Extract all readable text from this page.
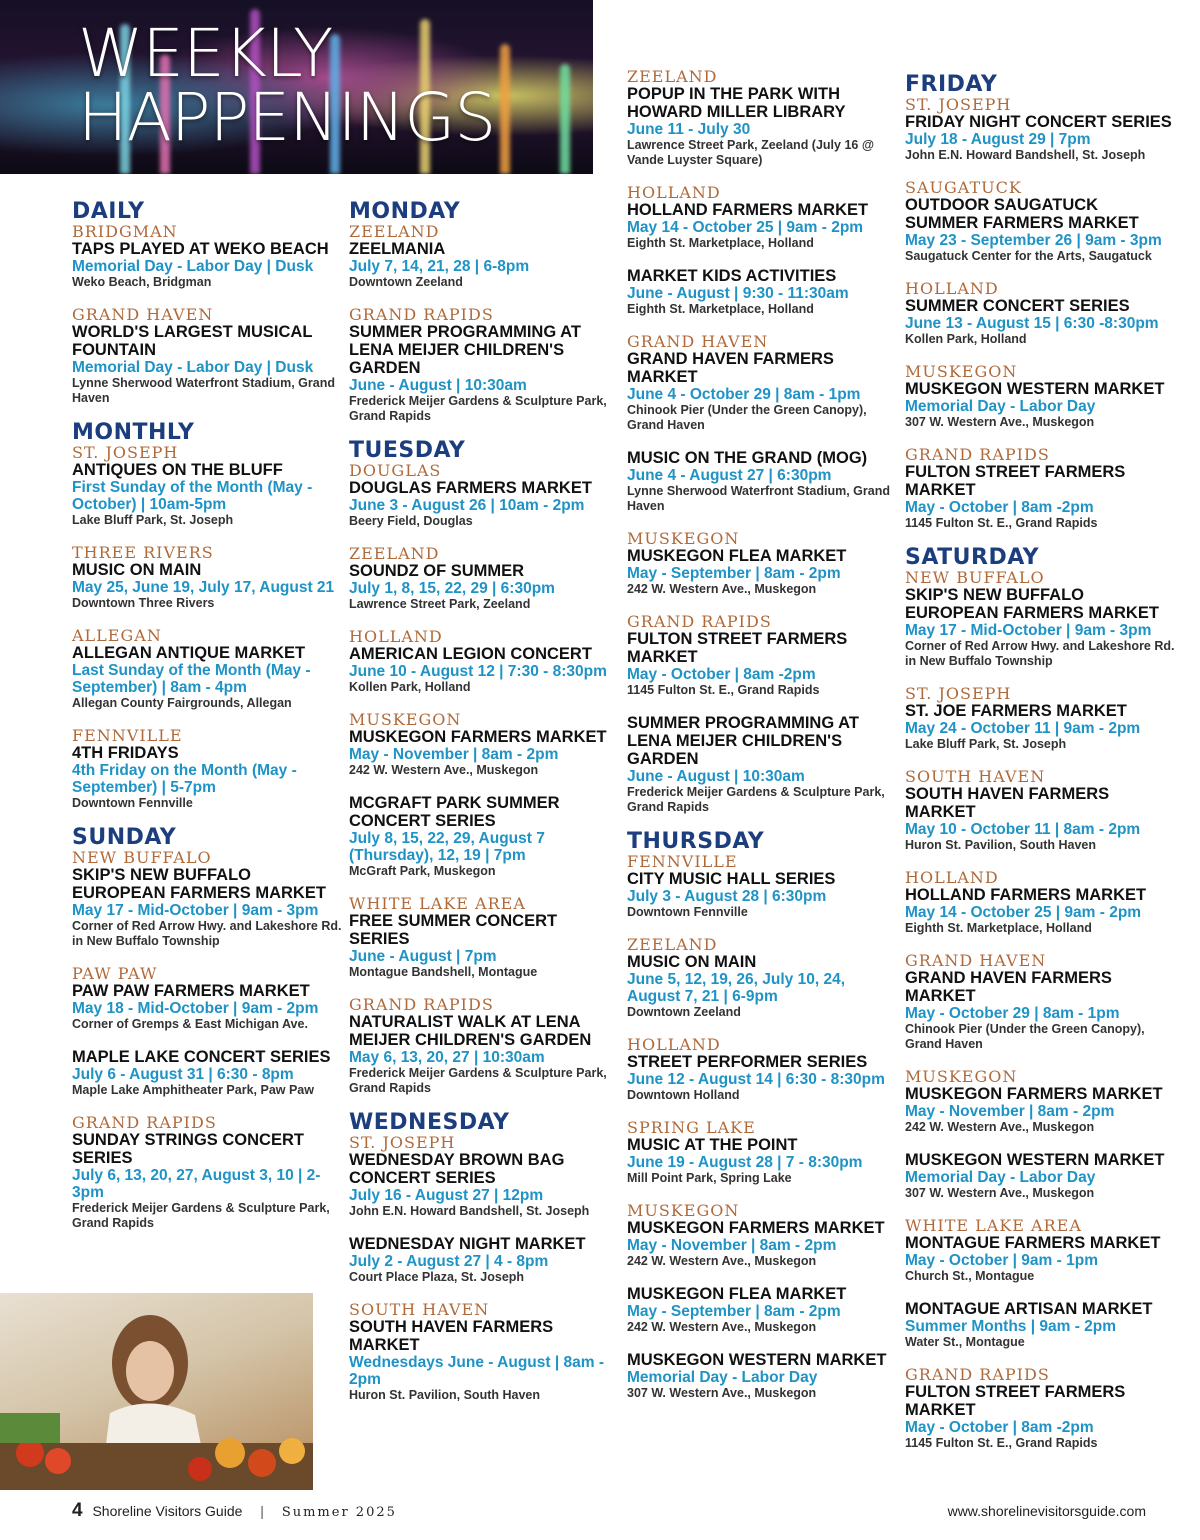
WEEKLY
HAPPENINGS
DAILY
BRIDGMAN
TAPS PLAYED AT WEKO BEACH
Memorial Day - Labor Day | Dusk
Weko Beach, Bridgman
GRAND HAVEN
WORLD'S LARGEST MUSICAL FOUNTAIN
Memorial Day - Labor Day | Dusk
Lynne Sherwood Waterfront Stadium, Grand Haven
MONTHLY
ST. JOSEPH
ANTIQUES ON THE BLUFF
First Sunday of the Month (May - October) | 10am-5pm
Lake Bluff Park, St. Joseph
THREE RIVERS
MUSIC ON MAIN
May 25, June 19, July 17, August 21
Downtown Three Rivers
ALLEGAN
ALLEGAN ANTIQUE MARKET
Last Sunday of the Month (May - September) | 8am - 4pm
Allegan County Fairgrounds, Allegan
FENNVILLE
4TH FRIDAYS
4th Friday on the Month (May - September) | 5-7pm
Downtown Fennville
SUNDAY
NEW BUFFALO
SKIP'S NEW BUFFALO EUROPEAN FARMERS MARKET
May 17 - Mid-October | 9am - 3pm
Corner of Red Arrow Hwy. and Lakeshore Rd. in New Buffalo Township
PAW PAW
PAW PAW FARMERS MARKET
May 18 - Mid-October | 9am - 2pm
Corner of Gremps & East Michigan Ave.
MAPLE LAKE CONCERT SERIES
July 6 - August 31 | 6:30 - 8pm
Maple Lake Amphitheater Park, Paw Paw
GRAND RAPIDS
SUNDAY STRINGS CONCERT SERIES
July 6, 13, 20, 27, August 3, 10 | 2-3pm
Frederick Meijer Gardens & Sculpture Park, Grand Rapids
MONDAY
ZEELAND
ZEELMANIA
July 7, 14, 21, 28 | 6-8pm
Downtown Zeeland
GRAND RAPIDS
SUMMER PROGRAMMING AT LENA MEIJER CHILDREN'S GARDEN
June - August | 10:30am
Frederick Meijer Gardens & Sculpture Park, Grand Rapids
TUESDAY
DOUGLAS
DOUGLAS FARMERS MARKET
June 3 - August 26 | 10am - 2pm
Beery Field, Douglas
ZEELAND
SOUNDZ OF SUMMER
July 1, 8, 15, 22, 29 | 6:30pm
Lawrence Street Park, Zeeland
HOLLAND
AMERICAN LEGION CONCERT
June 10 - August 12 | 7:30 - 8:30pm
Kollen Park, Holland
MUSKEGON
MUSKEGON FARMERS MARKET
May - November | 8am - 2pm
242 W. Western Ave., Muskegon
MCGRAFT PARK SUMMER CONCERT SERIES
July 8, 15, 22, 29, August 7 (Thursday), 12, 19 | 7pm
McGraft Park, Muskegon
WHITE LAKE AREA
FREE SUMMER CONCERT SERIES
June - August | 7pm
Montague Bandshell, Montague
GRAND RAPIDS
NATURALIST WALK AT LENA MEIJER CHILDREN'S GARDEN
May 6, 13, 20, 27 | 10:30am
Frederick Meijer Gardens & Sculpture Park, Grand Rapids
WEDNESDAY
ST. JOSEPH
WEDNESDAY BROWN BAG CONCERT SERIES
July 16 - August 27 | 12pm
John E.N. Howard Bandshell, St. Joseph
WEDNESDAY NIGHT MARKET
July 2 - August 27 | 4 - 8pm
Court Place Plaza, St. Joseph
SOUTH HAVEN
SOUTH HAVEN FARMERS MARKET
Wednesdays June - August | 8am - 2pm
Huron St. Pavilion, South Haven
ZEELAND
POPUP IN THE PARK WITH HOWARD MILLER LIBRARY
June 11 - July 30
Lawrence Street Park, Zeeland (July 16 @ Vande Luyster Square)
HOLLAND
HOLLAND FARMERS MARKET
May 14 - October 25 | 9am - 2pm
Eighth St. Marketplace, Holland
MARKET KIDS ACTIVITIES
June - August | 9:30 - 11:30am
Eighth St. Marketplace, Holland
GRAND HAVEN
GRAND HAVEN FARMERS MARKET
June 4 - October 29 | 8am - 1pm
Chinook Pier (Under the Green Canopy), Grand Haven
MUSIC ON THE GRAND (MOG)
June 4 - August 27 | 6:30pm
Lynne Sherwood Waterfront Stadium, Grand Haven
MUSKEGON
MUSKEGON FLEA MARKET
May - September | 8am - 2pm
242 W. Western Ave., Muskegon
GRAND RAPIDS
FULTON STREET FARMERS MARKET
May - October | 8am -2pm
1145 Fulton St. E., Grand Rapids
SUMMER PROGRAMMING AT LENA MEIJER CHILDREN'S GARDEN
June - August | 10:30am
Frederick Meijer Gardens & Sculpture Park, Grand Rapids
THURSDAY
FENNVILLE
CITY MUSIC HALL SERIES
July 3 - August 28 | 6:30pm
Downtown Fennville
ZEELAND
MUSIC ON MAIN
June 5, 12, 19, 26, July 10, 24, August 7, 21 | 6-9pm
Downtown Zeeland
HOLLAND
STREET PERFORMER SERIES
June 12 - August 14 | 6:30 - 8:30pm
Downtown Holland
SPRING LAKE
MUSIC AT THE POINT
June 19 - August 28 | 7 - 8:30pm
Mill Point Park, Spring Lake
MUSKEGON
MUSKEGON FARMERS MARKET
May - November | 8am - 2pm
242 W. Western Ave., Muskegon
MUSKEGON FLEA MARKET
May - September | 8am - 2pm
242 W. Western Ave., Muskegon
MUSKEGON WESTERN MARKET
Memorial Day - Labor Day
307 W. Western Ave., Muskegon
FRIDAY
ST. JOSEPH
FRIDAY NIGHT CONCERT SERIES
July 18 - August 29 | 7pm
John E.N. Howard Bandshell, St. Joseph
SAUGATUCK
OUTDOOR SAUGATUCK SUMMER FARMERS MARKET
May 23 - September 26 | 9am - 3pm
Saugatuck Center for the Arts, Saugatuck
HOLLAND
SUMMER CONCERT SERIES
June 13 - August 15 | 6:30 -8:30pm
Kollen Park, Holland
MUSKEGON
MUSKEGON WESTERN MARKET
Memorial Day - Labor Day
307 W. Western Ave., Muskegon
GRAND RAPIDS
FULTON STREET FARMERS MARKET
May - October | 8am -2pm
1145 Fulton St. E., Grand Rapids
SATURDAY
NEW BUFFALO
SKIP'S NEW BUFFALO EUROPEAN FARMERS MARKET
May 17 - Mid-October | 9am - 3pm
Corner of Red Arrow Hwy. and Lakeshore Rd. in New Buffalo Township
ST. JOSEPH
ST. JOE FARMERS MARKET
May 24 - October 11 | 9am - 2pm
Lake Bluff Park, St. Joseph
SOUTH HAVEN
SOUTH HAVEN FARMERS MARKET
May 10 - October 11 | 8am - 2pm
Huron St. Pavilion, South Haven
HOLLAND
HOLLAND FARMERS MARKET
May 14 - October 25 | 9am - 2pm
Eighth St. Marketplace, Holland
GRAND HAVEN
GRAND HAVEN FARMERS MARKET
May - October 29 | 8am - 1pm
Chinook Pier (Under the Green Canopy), Grand Haven
MUSKEGON
MUSKEGON FARMERS MARKET
May - November | 8am - 2pm
242 W. Western Ave., Muskegon
MUSKEGON WESTERN MARKET
Memorial Day - Labor Day
307 W. Western Ave., Muskegon
WHITE LAKE AREA
MONTAGUE FARMERS MARKET
May - October | 9am - 1pm
Church St., Montague
MONTAGUE ARTISAN MARKET
Summer Months | 9am - 2pm
Water St., Montague
GRAND RAPIDS
FULTON STREET FARMERS MARKET
May - October | 8am -2pm
1145 Fulton St. E., Grand Rapids
4 Shoreline Visitors Guide | Summer 2025	www.shorelinevisitorsguide.com
